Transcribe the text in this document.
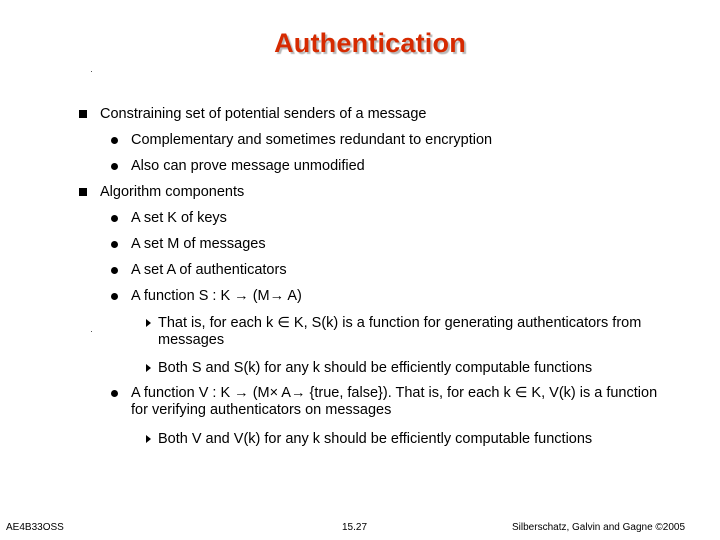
Authentication
Constraining set of potential senders of a message
Complementary and sometimes redundant to encryption
Also can prove message unmodified
Algorithm components
A set K of keys
A set M of messages
A set A of authenticators
A function S : K → (M→ A)
That is, for each k ∈ K, S(k) is a function for generating authenticators from messages
Both S and S(k) for any k should be efficiently computable functions
A function V : K → (M× A→ {true, false}). That is, for each k ∈ K, V(k) is a function for verifying authenticators on messages
Both V and V(k) for any k should be efficiently computable functions
AE4B33OSS	15.27	Silberschatz, Galvin and Gagne ©2005
